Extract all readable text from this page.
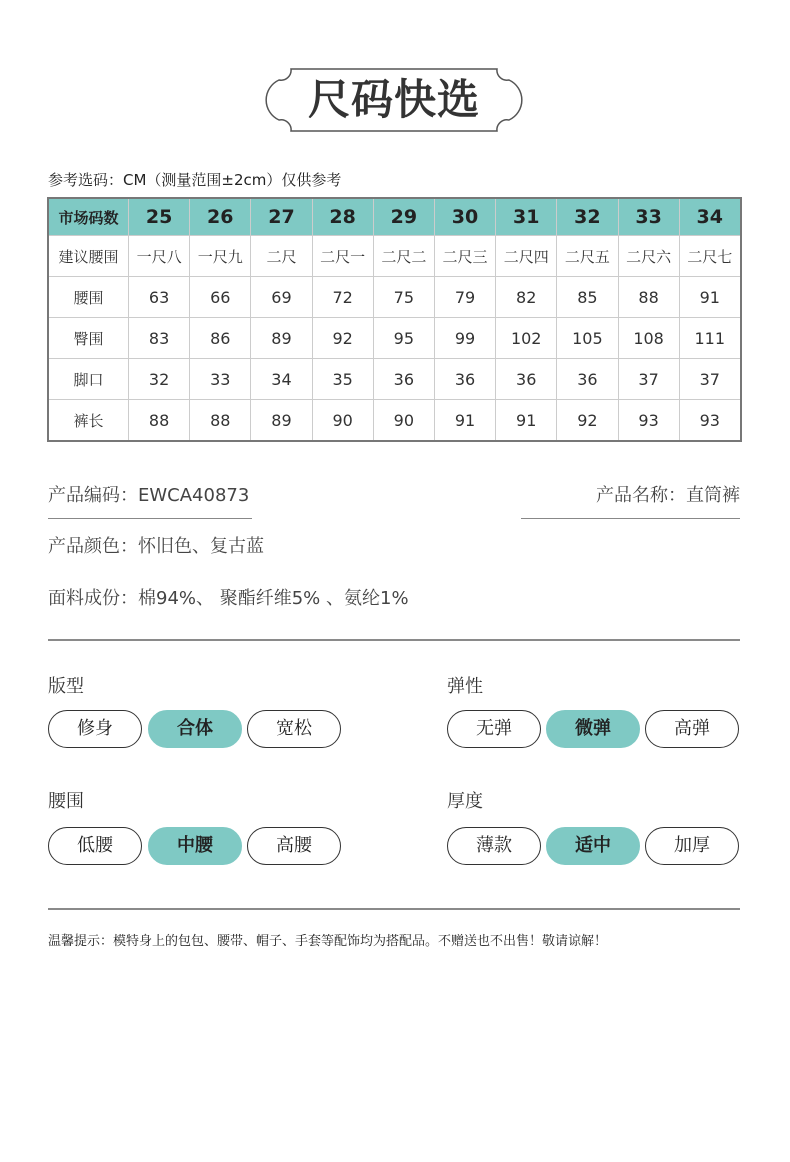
尺码快选
参考选码：CM（测量范围±2cm）仅供参考
市场码数	25	26	27	28	29	30	31	32	33	34
建议腰围	一尺八	一尺九	二尺	二尺一	二尺二	二尺三	二尺四	二尺五	二尺六	二尺七
腰围	63	66	69	72	75	79	82	85	88	91
臀围	83	86	89	92	95	99	102	105	108	111
脚口	32	33	34	35	36	36	36	36	37	37
裤长	88	88	89	90	90	91	91	92	93	93
产品编码：EWCA40873	产品名称：直筒裤
产品颜色：怀旧色、复古蓝
面料成份：棉94%、 聚酯纤维5% 、氨纶1%
版型
修身	合体	宽松
弹性
无弹	微弹	高弹
腰围
低腰	中腰	高腰
厚度
薄款	适中	加厚
温馨提示：模特身上的包包、腰带、帽子、手套等配饰均为搭配品。不赠送也不出售！敬请谅解！
